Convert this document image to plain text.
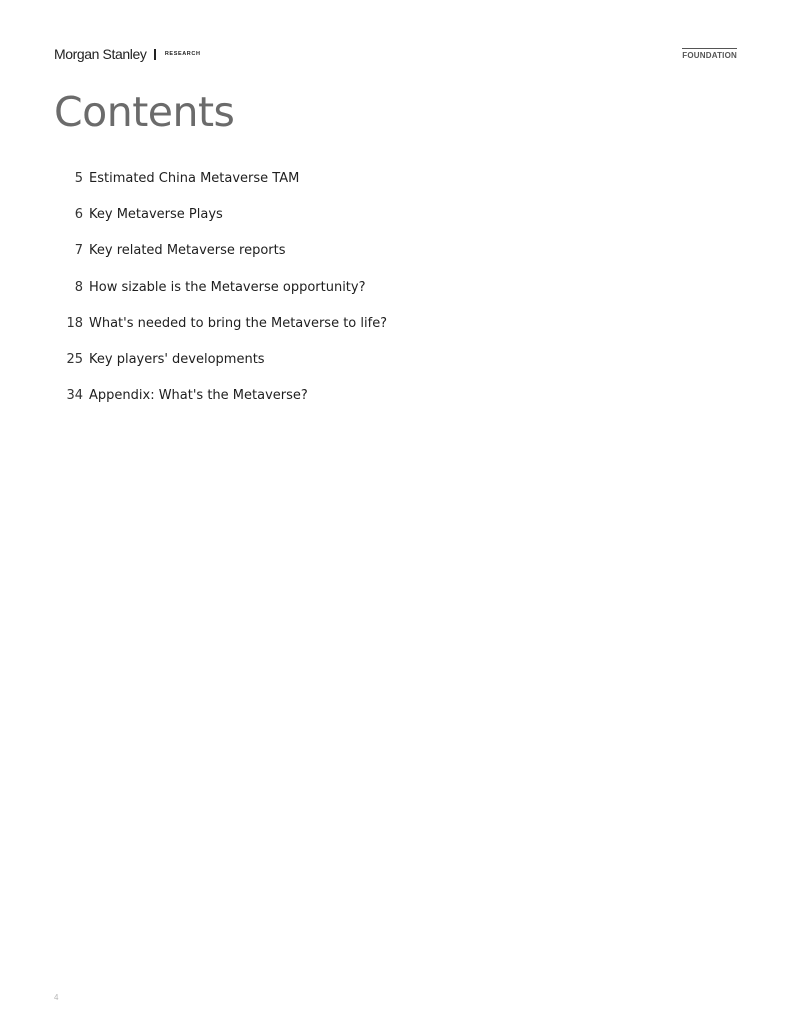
Morgan Stanley	RESEARCH	FOUNDATION
Contents
5 Estimated China Metaverse TAM
6 Key Metaverse Plays
7 Key related Metaverse reports
8 How sizable is the Metaverse opportunity?
18 What's needed to bring the Metaverse to life?
25 Key players' developments
34 Appendix: What's the Metaverse?
4
